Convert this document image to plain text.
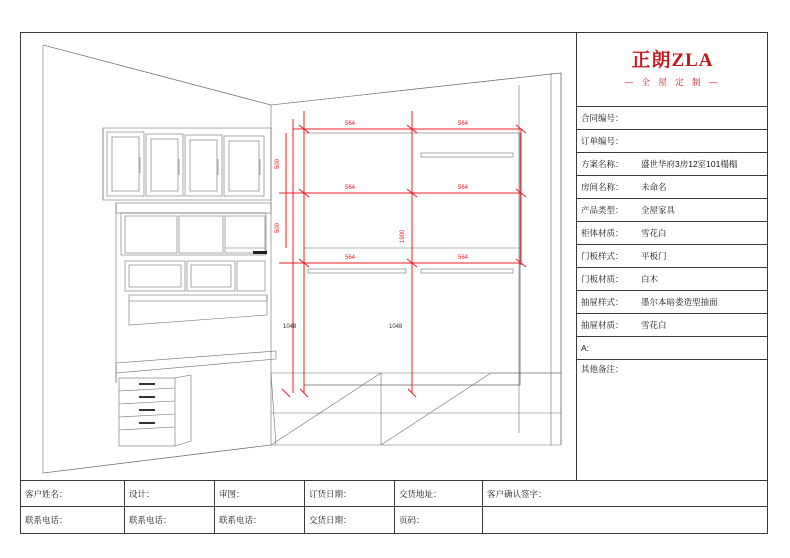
564	564
564	564
564	564
500
500
1048	1048
1900
正朗ZLA
— 全 屋 定 制 —
合同编号：
订单编号：
方案名称：	盛世华府3房12室101榻榻
房间名称：	未命名
产品类型：	全屋家具
柜体材质：	雪花白
门板样式：	平板门
门板材质：	白木
抽屉样式：	墨尔本暗娄造型抽面
抽屉材质：	雪花白
A:
其他备注：
客户姓名：	设计：	审图：	订货日期：	交货地址：	客户确认签字：
联系电话：	联系电话：	联系电话：	交货日期：	页码：
